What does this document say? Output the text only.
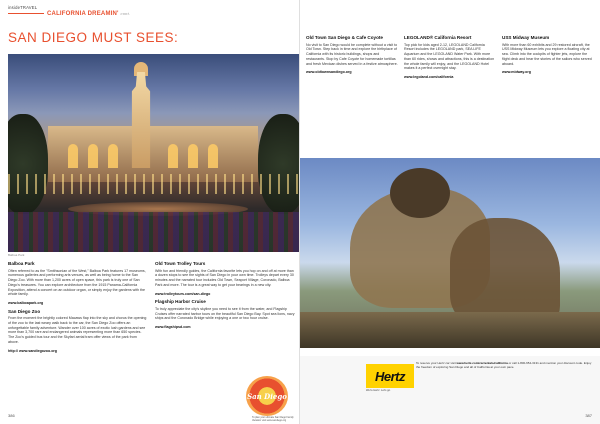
insideTRAVEL
CALIFORNIA DREAMIN' cont.
SAN DIEGO MUST SEES:
Balboa Park
Balboa Park

Often referred to as the "Smithsonian of the West," Balboa Park features 17 museums, numerous galleries and performing arts venues, as well as being home to the San Diego Zoo. With more than 1,200 acres of open space, this park is truly one of San Diego's treasures. You can explore architecture from the 1915 Panama-California Exposition, attend a concert on an outdoor organ, or simply enjoy the gardens with the whole family.

www.balboapark.org

San Diego Zoo

From the moment the brightly colored Macaws flap into the sky and chorus the opening of the zoo to the last weary walk back to the car, the San Diego Zoo offers an unforgettable family adventure. Wander over 100 acres of exotic lush gardens and see more than 3,700 rare and endangered animals representing more than 650 species. The Zoo's guided bus tour and the Skyfari aerial tram offer views of the park from above.

http:// www.sandiegozoo.org

Old Town Trolley Tours

With fun and friendly guides, the California favorite lets you hop on and off at more than a dozen stops to see the sights of San Diego in your own time. Trolleys depart every 30 minutes and the narrated tour includes Old Town, Seaport Village, Coronado, Balboa Park and more. The tour is a great way to get your bearings in a new city.

www.trolleytours.com/san-diego

Flagship Harbor Cruise

To truly appreciate the city's skyline you need to see it from the water, and Flagship Cruises offer narrated harbor tours on the beautiful San Diego Bay. Spot sea lions, navy ships and the Coronado Bridge while enjoying a one or two hour cruise.

www.flagshipsd.com

San Diego
To plan your ultimate San Diego Family Vacation visit www.sandiego.org
386
Old Town San Diego & Cafe Coyote

No visit to San Diego would be complete without a visit to Old Town. Step back in time and explore the birthplace of California with its historic buildings, shops and restaurants. Stop by Cafe Coyote for homemade tortillas and fresh Mexican dishes served in a festive atmosphere.

www.oldtownsandiego.org

LEGOLAND® California Resort

Top pick for kids aged 2-12, LEGOLAND California Resort includes the LEGOLAND park, SEA LIFE Aquarium and the LEGOLAND Water Park. With more than 60 rides, shows and attractions, this is a destination the whole family will enjoy, and the LEGOLAND Hotel makes it a perfect overnight stay.

www.legoland.com/california

USS Midway Museum

With more than 60 exhibits and 29 restored aircraft, the USS Midway Museum lets you explore a floating city at sea. Climb into the cockpits of fighter jets, explore the flight deck and hear the stories of the sailors who served aboard.

www.midway.org

Hertz
We're Hertz. Let's go.
To reserve your Hertz car visit www.hertz.com/carrentals/california or call 1-800-654-3131 and mention your discount code. Enjoy the freedom of exploring San Diego and all of California at your own pace.
387
